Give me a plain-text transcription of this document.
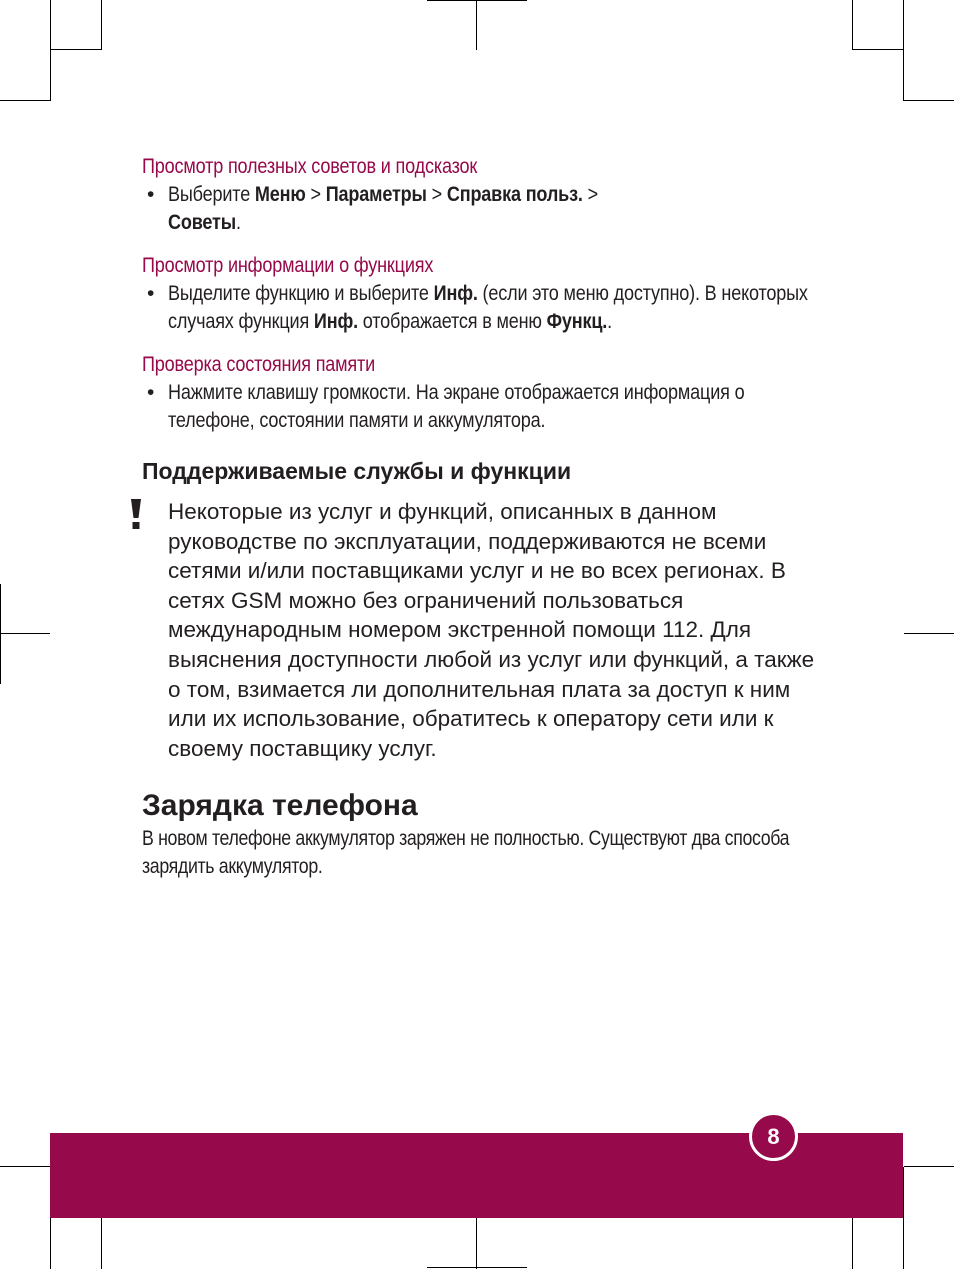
Просмотр полезных советов и подсказок

• Выберите Меню > Параметры > Справка польз. >
Советы.

Просмотр информации о функциях

• Выделите функцию и выберите Инф. (если это меню доступно). В некоторых случаях функция Инф. отображается в меню Функц..

Проверка состояния памяти

• Нажмите клавишу громкости. На экране отображается информация о телефоне, состоянии памяти и аккумулятора.
Поддерживаемые службы и функции
Некоторые из услуг и функций, описанных в данном руководстве по эксплуатации, поддерживаются не всеми сетями и/или поставщиками услуг и не во всех регионах. В сетях GSM можно без ограничений пользоваться международным номером экстренной помощи 112. Для выяснения доступности любой из услуг или функций, а также о том, взимается ли дополнительная плата за доступ к ним или их использование, обратитесь к оператору сети или к своему поставщику услуг.
Зарядка телефона

В новом телефоне аккумулятор заряжен не полностью. Существуют два способа зарядить аккумулятор.

8
